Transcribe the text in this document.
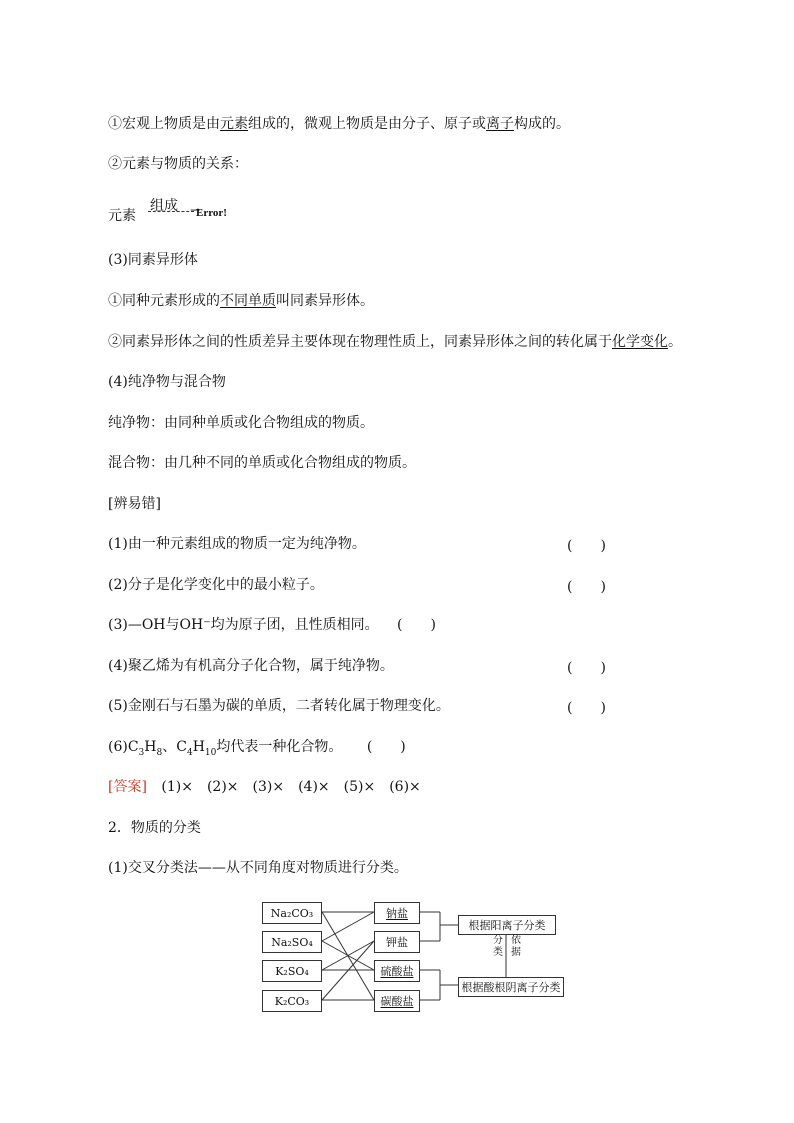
①宏观上物质是由元素组成的，微观上物质是由分子、原子或离子构成的。
②元素与物质的关系：
元素
组成 →
Error!
(3)同素异形体
①同种元素形成的不同单质叫同素异形体。
②同素异形体之间的性质差异主要体现在物理性质上，同素异形体之间的转化属于化学变化。
(4)纯净物与混合物
纯净物：由同种单质或化合物组成的物质。
混合物：由几种不同的单质或化合物组成的物质。
[辨易错]
(1)由一种元素组成的物质一定为纯净物。	(　　)
(2)分子是化学变化中的最小粒子。	(　　)
(3)—OH与OH⁻均为原子团，且性质相同。 (　　)
(4)聚乙烯为有机高分子化合物，属于纯净物。	(　　)
(5)金刚石与石墨为碳的单质，二者转化属于物理变化。	(　　)
$(6)C_3H_8$、$C_4H_{10}$均代表一种化合物。 (　　)
[答案] (1)×　(2)×　(3)×　(4)×　(5)×　(6)×
2．物质的分类
(1)交叉分类法——从不同角度对物质进行分类。
Na₂CO₃
Na₂SO₄
K₂SO₄
K₂CO₃
钠盐
钾盐
硫酸盐
碳酸盐
根据阳离子分类
根据酸根阴离子分类
分类
依据
